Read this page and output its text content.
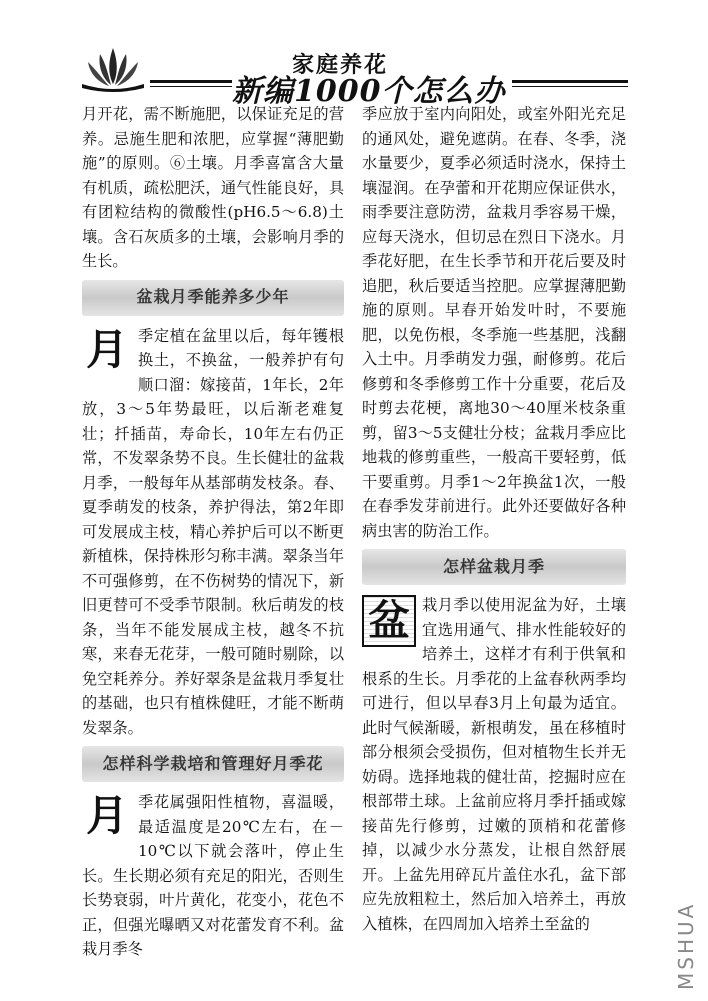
家庭养花
新编1000个怎么办

月开花，需不断施肥，以保证充足的营养。忌施生肥和浓肥，应掌握“薄肥勤施”的原则。⑥土壤。月季喜富含大量有机质，疏松肥沃，通气性能良好，具有团粒结构的微酸性(pH6.5～6.8)土壤。含石灰质多的土壤，会影响月季的生长。

盆栽月季能养多少年

月 季定植在盆里以后，每年镬根换土，不换盆，一般养护有句顺口溜：嫁接苗，1年长，2年放，3～5年势最旺，以后渐老难复壮；扦插苗，寿命长，10年左右仍正常，不发翠条势不良。生长健壮的盆栽月季，一般每年从基部萌发枝条。春、夏季萌发的枝条，养护得法，第2年即可发展成主枝，精心养护后可以不断更新植株，保持株形匀称丰满。翠条当年不可强修剪，在不伤树势的情况下，新旧更替可不受季节限制。秋后萌发的枝条，当年不能发展成主枝，越冬不抗寒，来春无花芽，一般可随时剔除，以免空耗养分。养好翠条是盆栽月季复壮的基础，也只有植株健旺，才能不断萌发翠条。

怎样科学栽培和管理好月季花

月 季花属强阳性植物，喜温暖，最适温度是20℃左右，在－10℃以下就会落叶，停止生长。生长期必须有充足的阳光，否则生长势衰弱，叶片黄化，花变小，花色不正，但强光曝晒又对花蕾发育不利。盆栽月季冬

季应放于室内向阳处，或室外阳光充足的通风处，避免遮荫。在春、冬季，浇水量要少，夏季必须适时浇水，保持土壤湿润。在孕蕾和开花期应保证供水，雨季要注意防涝，盆栽月季容易干燥，应每天浇水，但切忌在烈日下浇水。月季花好肥，在生长季节和开花后要及时追肥，秋后要适当控肥。应掌握薄肥勤施的原则。早春开始发叶时，不要施肥，以免伤根，冬季施一些基肥，浅翻入土中。月季萌发力强，耐修剪。花后修剪和冬季修剪工作十分重要，花后及时剪去花梗，离地30～40厘米枝条重剪，留3～5支健壮分枝；盆栽月季应比地栽的修剪重些，一般高干要轻剪，低干要重剪。月季1～2年换盆1次，一般在春季发芽前进行。此外还要做好各种病虫害的防治工作。

怎样盆栽月季

盆 栽月季以使用泥盆为好，土壤宜选用通气、排水性能较好的培养土，这样才有利于供氧和根系的生长。月季花的上盆春秋两季均可进行，但以早春3月上旬最为适宜。此时气候渐暖，新根萌发，虽在移植时部分根须会受损伤，但对植物生长并无妨碍。选择地栽的健壮苗，挖掘时应在根部带土球。上盆前应将月季扦插或嫁接苗先行修剪，过嫩的顶梢和花蕾修掉，以减少水分蒸发，让根自然舒展开。上盆先用碎瓦片盖住水孔，盆下部应先放粗粒土，然后加入培养土，再放入植株，在四周加入培养土至盆的	MSHUA
